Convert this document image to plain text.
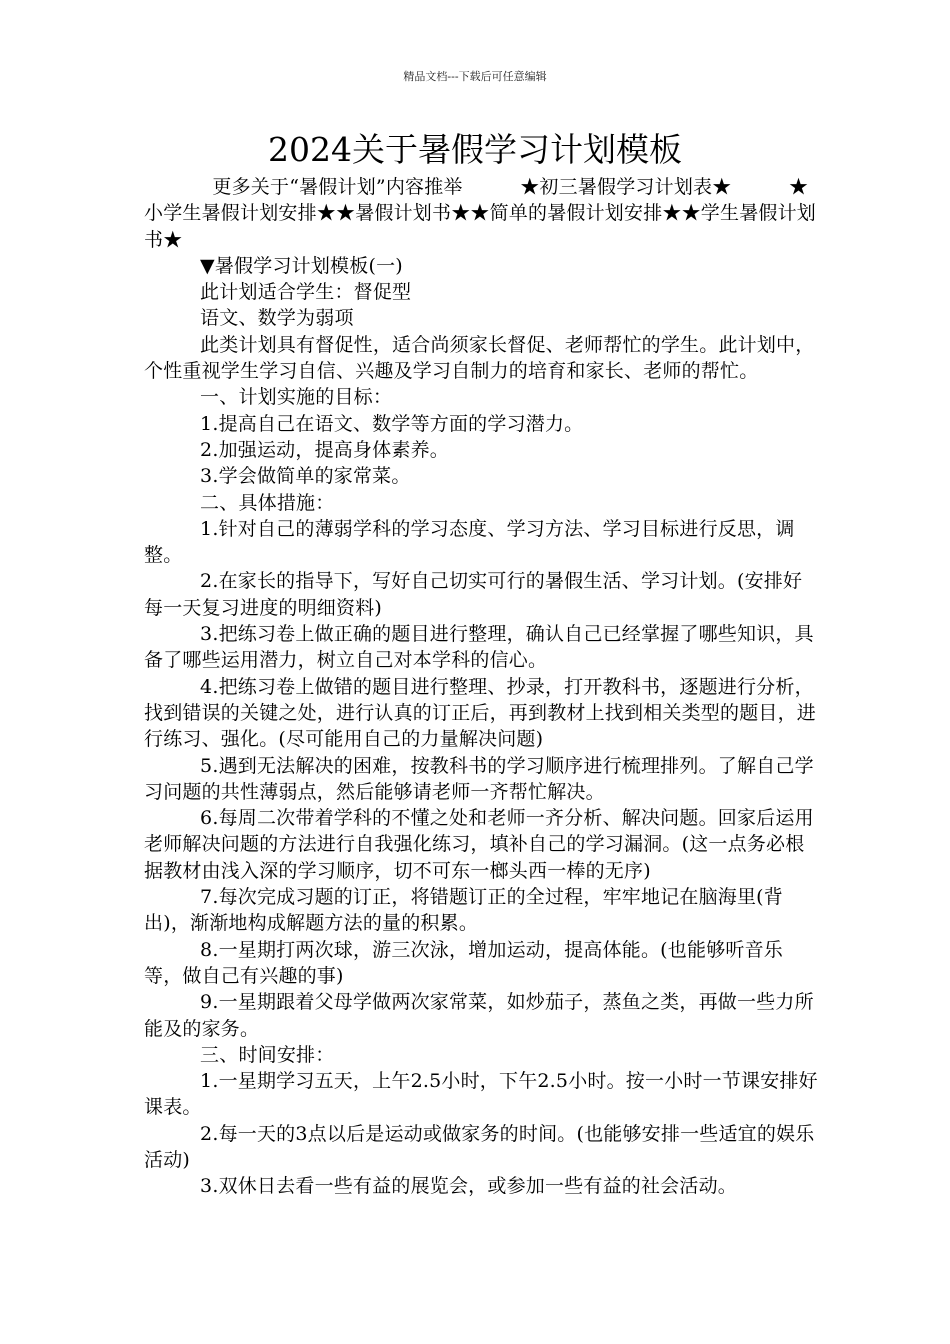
精品文档---下载后可任意编辑
2024关于暑假学习计划模板

更多关于“暑假计划”内容推举　　　★初三暑假学习计划表★　　　★小学生暑假计划安排★★暑假计划书★★简单的暑假计划安排★★学生暑假计划书★

▼暑假学习计划模板(一)

此计划适合学生：督促型

语文、数学为弱项

此类计划具有督促性，适合尚须家长督促、老师帮忙的学生。此计划中，个性重视学生学习自信、兴趣及学习自制力的培育和家长、老师的帮忙。

一、计划实施的目标：

1.提高自己在语文、数学等方面的学习潜力。

2.加强运动，提高身体素养。

3.学会做简单的家常菜。

二、具体措施：

1.针对自己的薄弱学科的学习态度、学习方法、学习目标进行反思，调整。

2.在家长的指导下，写好自己切实可行的暑假生活、学习计划。(安排好每一天复习进度的明细资料)

3.把练习卷上做正确的题目进行整理，确认自己已经掌握了哪些知识，具备了哪些运用潜力，树立自己对本学科的信心。

4.把练习卷上做错的题目进行整理、抄录，打开教科书，逐题进行分析，找到错误的关键之处，进行认真的订正后，再到教材上找到相关类型的题目，进行练习、强化。(尽可能用自己的力量解决问题)

5.遇到无法解决的困难，按教科书的学习顺序进行梳理排列。了解自己学习问题的共性薄弱点，然后能够请老师一齐帮忙解决。

6.每周二次带着学科的不懂之处和老师一齐分析、解决问题。回家后运用老师解决问题的方法进行自我强化练习，填补自己的学习漏洞。(这一点务必根据教材由浅入深的学习顺序，切不可东一榔头西一棒的无序)

7.每次完成习题的订正，将错题订正的全过程，牢牢地记在脑海里(背出)，渐渐地构成解题方法的量的积累。

8.一星期打两次球，游三次泳，增加运动，提高体能。(也能够听音乐等，做自己有兴趣的事)

9.一星期跟着父母学做两次家常菜，如炒茄子，蒸鱼之类，再做一些力所能及的家务。

三、时间安排：

1.一星期学习五天，上午2.5小时，下午2.5小时。按一小时一节课安排好课表。

2.每一天的3点以后是运动或做家务的时间。(也能够安排一些适宜的娱乐活动)

3.双休日去看一些有益的展览会，或参加一些有益的社会活动。
